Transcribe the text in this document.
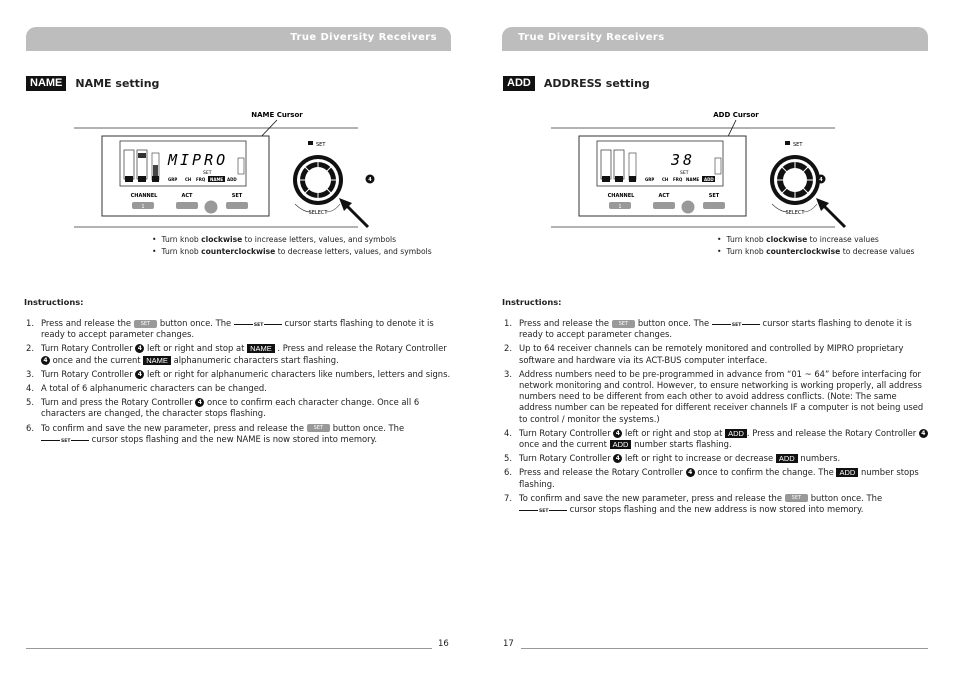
True Diversity Receivers
NAME	NAME setting
NAME Cursor
MIPRO
SET
GRP CH FRQ NAME ADD
CHANNEL
1
ACT	SET
SET
4
SELECT
• Turn knob clockwise to increase letters, values, and symbols
• Turn knob counterclockwise to decrease letters, values, and symbols
Instructions:
1. Press and release the SET button once. The	SET	cursor starts flashing to denote it is ready to accept parameter changes.
2. Turn Rotary Controller 4 left or right and stop at NAME . Press and release the Rotary Controller 4 once and the current NAME alphanumeric characters start flashing.
3. Turn Rotary Controller 4 left or right for alphanumeric characters like numbers, letters and signs.
4. A total of 6 alphanumeric characters can be changed.
5. Turn and press the Rotary Controller 4 once to confirm each character change. Once all 6 characters are changed, the character stops flashing.
6. To confirm and save the new parameter, press and release the SET button once. The
SET	cursor stops flashing and the new NAME is now stored into memory.
16
True Diversity Receivers
ADD	ADDRESS setting
ADD Cursor
38
SET
GRP CH FRQ NAME ADD
CHANNEL
1
ACT	SET
SET
4
SELECT
• Turn knob clockwise to increase values
• Turn knob counterclockwise to decrease values
Instructions:
1. Press and release the SET button once. The	SET	cursor starts flashing to denote it is ready to accept parameter changes.
2. Up to 64 receiver channels can be remotely monitored and controlled by MIPRO proprietary software and hardware via its ACT-BUS computer interface.
3. Address numbers need to be pre-programmed in advance from “01 ~ 64” before interfacing for network monitoring and control. However, to ensure networking is working properly, all address numbers need to be different from each other to avoid address conflicts. (Note: The same address number can be repeated for different receiver channels IF a computer is not being used to control / monitor the systems.)
4. Turn Rotary Controller 4 left or right and stop at ADD . Press and release the Rotary Controller 4 once and the current ADD number starts flashing.
5. Turn Rotary Controller 4 left or right to increase or decrease ADD numbers.
6. Press and release the Rotary Controller 4 once to confirm the change. The ADD number stops flashing.
7. To confirm and save the new parameter, press and release the SET button once. The
SET	cursor stops flashing and the new address is now stored into memory.
17
